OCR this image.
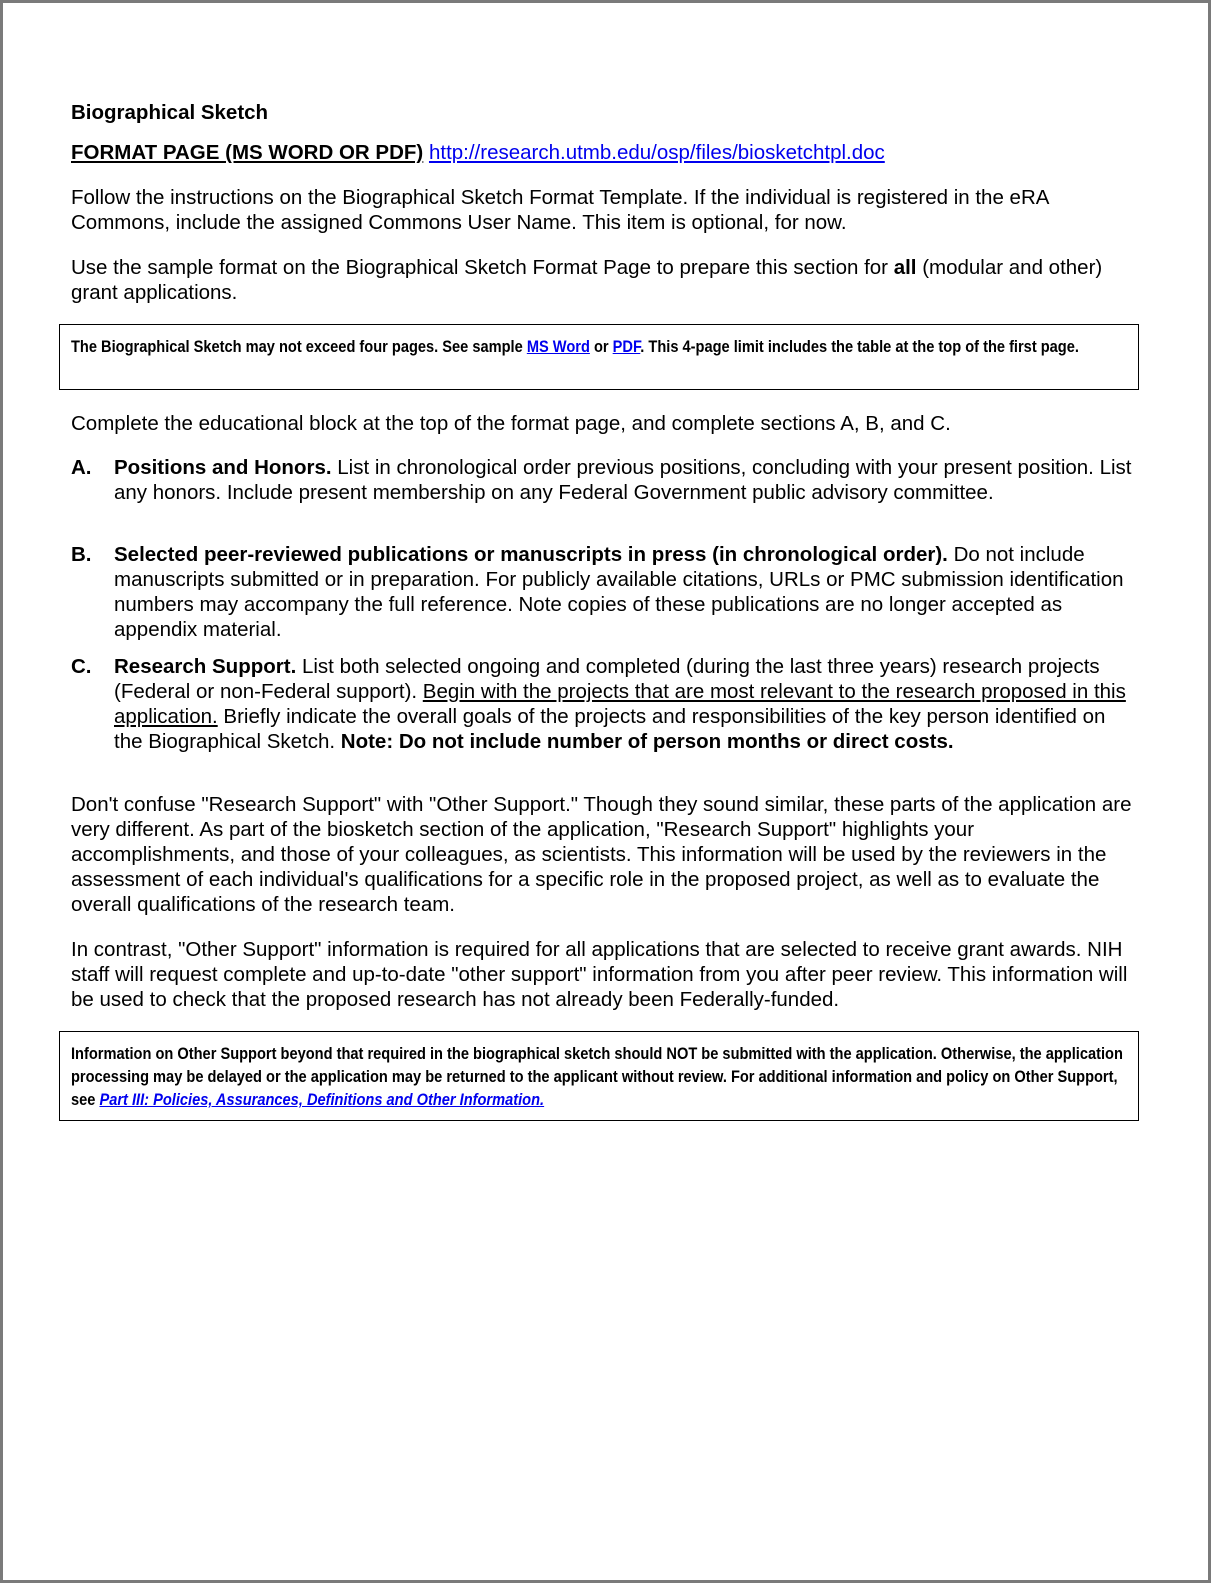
Biographical Sketch
FORMAT PAGE (MS WORD OR PDF) http://research.utmb.edu/osp/files/biosketchtpl.doc

Follow the instructions on the Biographical Sketch Format Template. If the individual is registered in the eRA Commons, include the assigned Commons User Name. This item is optional, for now.

Use the sample format on the Biographical Sketch Format Page to prepare this section for all (modular and other) grant applications.

The Biographical Sketch may not exceed four pages. See sample MS Word or PDF. This 4-page limit includes the table at the top of the first page.

Complete the educational block at the top of the format page, and complete sections A, B, and C.

A. Positions and Honors. List in chronological order previous positions, concluding with your present position. List any honors. Include present membership on any Federal Government public advisory committee.
B. Selected peer-reviewed publications or manuscripts in press (in chronological order). Do not include manuscripts submitted or in preparation. For publicly available citations, URLs or PMC submission identification numbers may accompany the full reference. Note copies of these publications are no longer accepted as appendix material.
C. Research Support. List both selected ongoing and completed (during the last three years) research projects (Federal or non-Federal support). Begin with the projects that are most relevant to the research proposed in this application. Briefly indicate the overall goals of the projects and responsibilities of the key person identified on the Biographical Sketch. Note: Do not include number of person months or direct costs.

Don't confuse "Research Support" with "Other Support." Though they sound similar, these parts of the application are very different. As part of the biosketch section of the application, "Research Support" highlights your accomplishments, and those of your colleagues, as scientists. This information will be used by the reviewers in the assessment of each individual's qualifications for a specific role in the proposed project, as well as to evaluate the overall qualifications of the research team.

In contrast, "Other Support" information is required for all applications that are selected to receive grant awards. NIH staff will request complete and up-to-date "other support" information from you after peer review. This information will be used to check that the proposed research has not already been Federally-funded.

Information on Other Support beyond that required in the biographical sketch should NOT be submitted with the application. Otherwise, the application processing may be delayed or the application may be returned to the applicant without review. For additional information and policy on Other Support, see Part III: Policies, Assurances, Definitions and Other Information.
